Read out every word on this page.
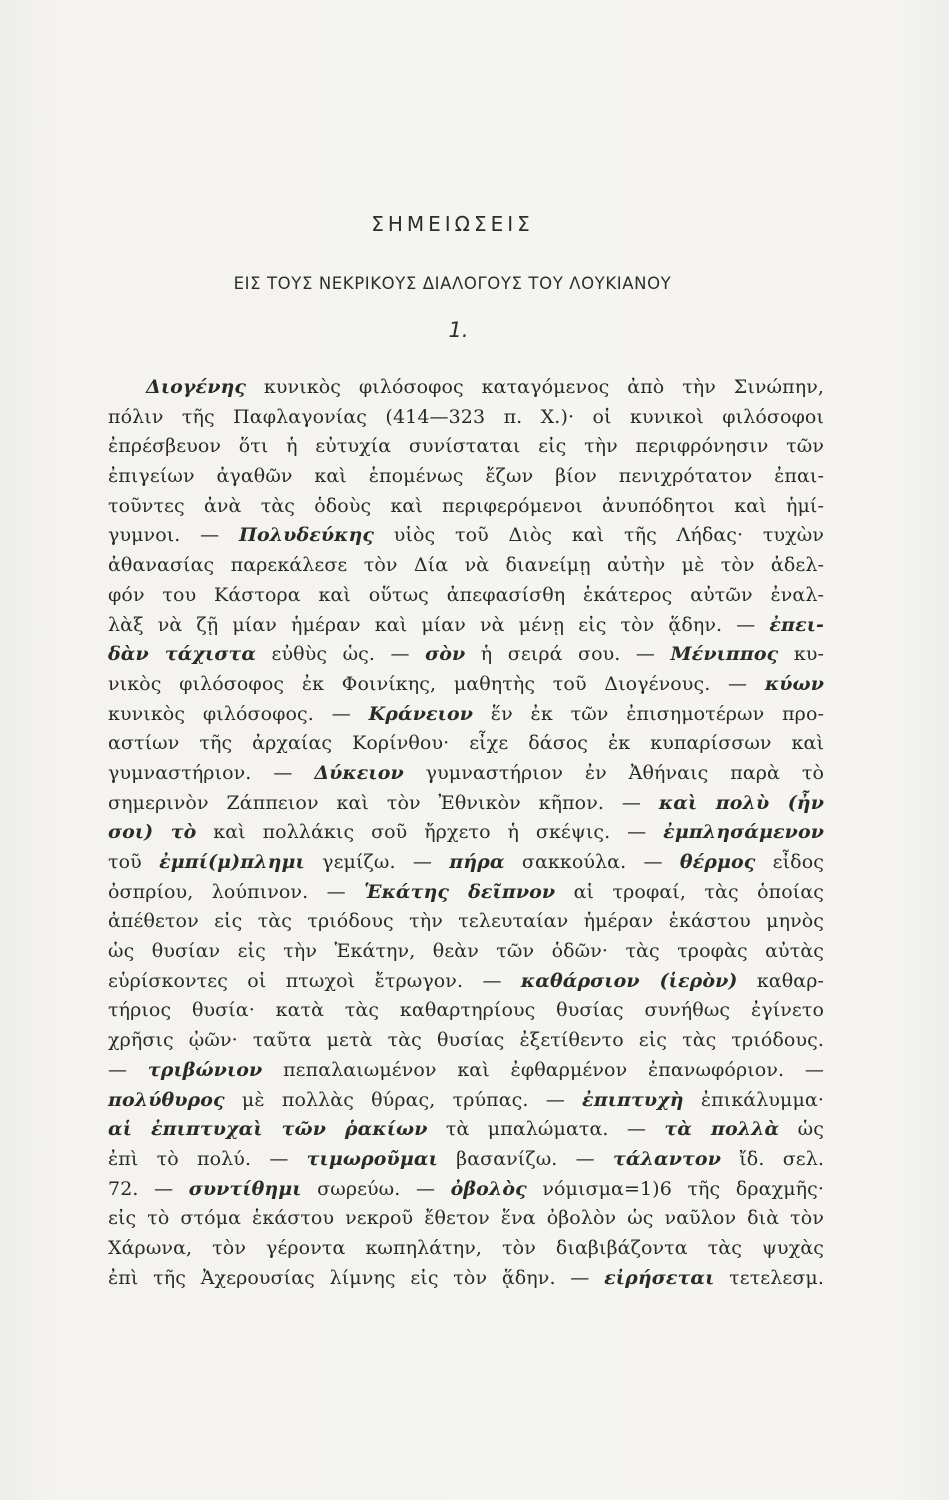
ΣΗΜΕΙΩΣΕΙΣ
ΕΙΣ ΤΟΥΣ ΝΕΚΡΙΚΟΥΣ ΔΙΑΛΟΓΟΥΣ ΤΟΥ ΛΟΥΚΙΑΝΟΥ
1.
Διογένης κυνικὸς φιλόσοφος καταγόμενος ἀπὸ τὴν Σινώπην,
πόλιν τῆς Παφλαγονίας (414—323 π. Χ.)· οἱ κυνικοὶ φιλόσοφοι
ἐπρέσβευον ὅτι ἡ εὐτυχία συνίσταται εἰς τὴν περιφρόνησιν τῶν
ἐπιγείων ἀγαθῶν καὶ ἑπομένως ἔζων βίον πενιχρότατον ἐπαι-
τοῦντες ἀνὰ τὰς ὁδοὺς καὶ περιφερόμενοι ἀνυπόδητοι καὶ ἡμί-
γυμνοι. — Πολυδεύκης υἱὸς τοῦ Διὸς καὶ τῆς Λήδας· τυχὼν
ἀθανασίας παρεκάλεσε τὸν Δία νὰ διανείμῃ αὐτὴν μὲ τὸν ἀδελ-
φόν του Κάστορα καὶ οὕτως ἀπεφασίσθη ἑκάτερος αὐτῶν ἐναλ-
λὰξ νὰ ζῇ μίαν ἡμέραν καὶ μίαν νὰ μένῃ εἰς τὸν ᾅδην. — ἐπει-
δὰν τάχιστα εὐθὺς ὡς. — σὸν ἡ σειρά σου. — Μένιππος κυ-
νικὸς φιλόσοφος ἐκ Φοινίκης, μαθητὴς τοῦ Διογένους. — κύων
κυνικὸς φιλόσοφος. — Κράνειον ἕν ἐκ τῶν ἐπισημοτέρων προ-
αστίων τῆς ἀρχαίας Κορίνθου· εἶχε δάσος ἐκ κυπαρίσσων καὶ
γυμναστήριον. — Δύκειον γυμναστήριον ἐν Ἀθήναις παρὰ τὸ
σημερινὸν Ζάππειον καὶ τὸν Ἐθνικὸν κῆπον. — καὶ πολὺ (ἦν
σοι) τὸ καὶ πολλάκις σοῦ ἤρχετο ἡ σκέψις. — ἐμπλησάμενον
τοῦ ἐμπί(μ)πλημι γεμίζω. — πήρα σακκούλα. — θέρμος εἶδος
ὀσπρίου, λούπινον. — Ἑκάτης δεῖπνον αἱ τροφαί, τὰς ὁποίας
ἀπέθετον εἰς τὰς τριόδους τὴν τελευταίαν ἡμέραν ἑκάστου μηνὸς
ὡς θυσίαν εἰς τὴν Ἑκάτην, θεὰν τῶν ὁδῶν· τὰς τροφὰς αὐτὰς
εὑρίσκοντες οἱ πτωχοὶ ἔτρωγον. — καθάρσιον (ἱερὸν) καθαρ-
τήριος θυσία· κατὰ τὰς καθαρτηρίους θυσίας συνήθως ἐγίνετο
χρῆσις ᾠῶν· ταῦτα μετὰ τὰς θυσίας ἐξετίθεντο εἰς τὰς τριόδους.
— τριβώνιον πεπαλαιωμένον καὶ ἐφθαρμένον ἐπανωφόριον. —
πολύθυρος μὲ πολλὰς θύρας, τρύπας. — ἐπιπτυχὴ ἐπικάλυμμα·
αἱ ἐπιπτυχαὶ τῶν ῥακίων τὰ μπαλώματα. — τὰ πολλὰ ὡς
ἐπὶ τὸ πολύ. — τιμωροῦμαι βασανίζω. — τάλαντον ἴδ. σελ.
72. — συντίθημι σωρεύω. — ὀβολὸς νόμισμα=1)6 τῆς δραχμῆς·
εἰς τὸ στόμα ἑκάστου νεκροῦ ἔθετον ἕνα ὀβολὸν ὡς ναῦλον διὰ τὸν
Χάρωνα, τὸν γέροντα κωπηλάτην, τὸν διαβιβάζοντα τὰς ψυχὰς
ἐπὶ τῆς Ἀχερουσίας λίμνης εἰς τὸν ᾅδην. — εἰρήσεται τετελεσμ.
